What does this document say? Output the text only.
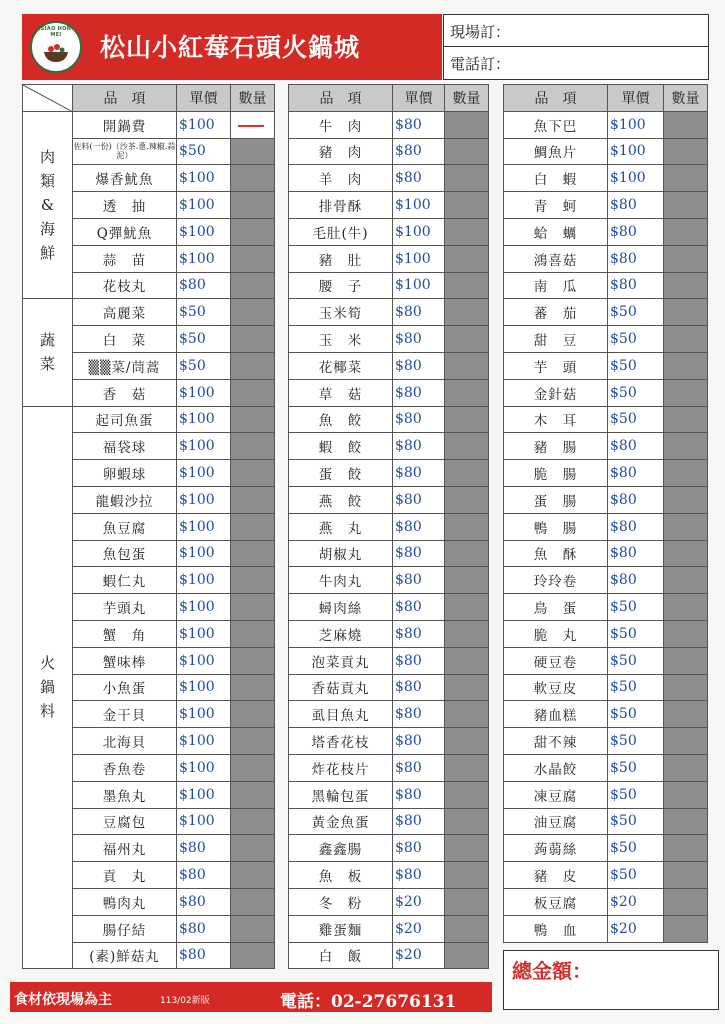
HSIAO HONG MEI	松山小紅莓石頭火鍋城
現場訂：
電話訂：
	品　項	單價	數量
肉類&海鮮	開鍋費	$100	
	佐料(一份)（沙茶.蔥.辣椒.蒜泥）	$50	
	爆香魷魚	$100	
	透　抽	$100	
	Q彈魷魚	$100	
	蒜　苗	$100	
	花枝丸	$80	
蔬菜	高麗菜	$50	
	白　菜	$50	
	▒▒菜/茼蒿	$50	
	香　菇	$100	
火鍋料	起司魚蛋	$100	
	福袋球	$100	
	卵蝦球	$100	
	龍蝦沙拉	$100	
	魚豆腐	$100	
	魚包蛋	$100	
	蝦仁丸	$100	
	芋頭丸	$100	
	蟹　角	$100	
	蟹味棒	$100	
	小魚蛋	$100	
	金干貝	$100	
	北海貝	$100	
	香魚卷	$100	
	墨魚丸	$100	
	豆腐包	$100	
	福州丸	$80	
	貢　丸	$80	
	鴨肉丸	$80	
	腸仔結	$80	
	(素)鮮菇丸	$80	
品　項	單價	數量
牛　肉	$80	
豬　肉	$80	
羊　肉	$80	
排骨酥	$100	
毛肚(牛)	$100	
豬　肚	$100	
腰　子	$100	
玉米筍	$80	
玉　米	$80	
花椰菜	$80	
草　菇	$80	
魚　餃	$80	
蝦　餃	$80	
蛋　餃	$80	
燕　餃	$80	
燕　丸	$80	
胡椒丸	$80	
牛肉丸	$80	
蟳肉絲	$80	
芝麻燒	$80	
泡菜貢丸	$80	
香菇貢丸	$80	
虱目魚丸	$80	
塔香花枝	$80	
炸花枝片	$80	
黑輪包蛋	$80	
黃金魚蛋	$80	
鑫鑫腸	$80	
魚　板	$80	
冬　粉	$20	
雞蛋麵	$20	
白　飯	$20	
品　項	單價	數量
魚下巴	$100	
鯛魚片	$100	
白　蝦	$100	
青　蚵	$80	
蛤　蠣	$80	
鴻喜菇	$80	
南　瓜	$80	
蕃　茄	$50	
甜　豆	$50	
芋　頭	$50	
金針菇	$50	
木　耳	$50	
豬　腸	$80	
脆　腸	$80	
蛋　腸	$80	
鴨　腸	$80	
魚　酥	$80	
玲玲卷	$80	
鳥　蛋	$50	
脆　丸	$50	
硬豆卷	$50	
軟豆皮	$50	
豬血糕	$50	
甜不辣	$50	
水晶餃	$50	
凍豆腐	$50	
油豆腐	$50	
蒟蒻絲	$50	
豬　皮	$50	
板豆腐	$20	
鴨　血	$20	
總金額：
食材依現場為主	113/02新版	電話：02-27676131
